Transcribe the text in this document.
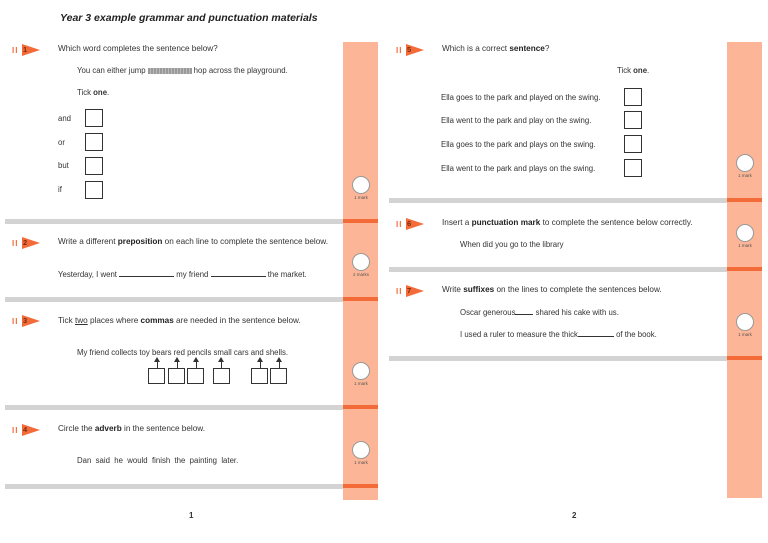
Year 3 example grammar and punctuation materials
II 1	Which word completes the sentence below?
You can either jump	hop across the playground.
Tick one.
and
or
but
if
1 mark
II 2	Write a different preposition on each line to complete the sentence below.
Yesterday, I went	my friend	the market.	2 marks
II 3	Tick two places where commas are needed in the sentence below.
My friend collects toy bears red pencils small cars and shells.
1 mark
II 4	Circle the adverb in the sentence below.
Dan  said  he  would  finish  the  painting  later.	1 mark
1
II 5	Which is a correct sentence?
Tick one.
Ella goes to the park and played on the swing.
Ella went to the park and play on the swing.
Ella goes to the park and plays on the swing.
Ella went to the park and plays on the swing.
1 mark
II 6	Insert a punctuation mark to complete the sentence below correctly.
When did you go to the library	1 mark
II 7	Write suffixes on the lines to complete the sentences below.
Oscar generous	shared his cake with us.
I used a ruler to measure the thick	of the book.	1 mark
2
